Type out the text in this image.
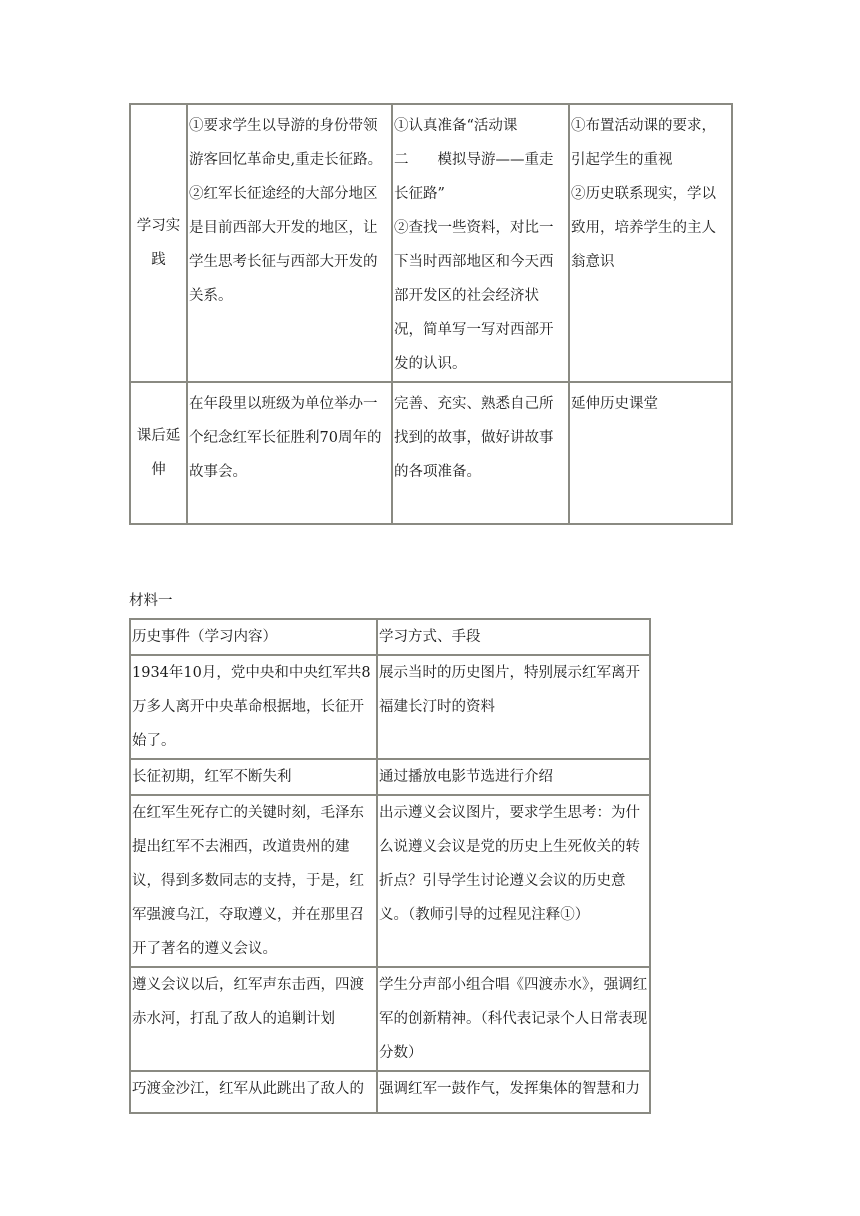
学习实践	①要求学生以导游的身份带领游客回忆革命史,重走长征路。
②红军长征途经的大部分地区是目前西部大开发的地区，让学生思考长征与西部大开发的关系。	①认真准备“活动课
二　　模拟导游——重走长征路”
②查找一些资料，对比一下当时西部地区和今天西部开发区的社会经济状况，简单写一写对西部开发的认识。	①布置活动课的要求，引起学生的重视
②历史联系现实，学以致用，培养学生的主人翁意识

课后延伸	在年段里以班级为单位举办一个纪念红军长征胜利70周年的故事会。	完善、充实、熟悉自己所找到的故事，做好讲故事的各项准备。	延伸历史课堂
材料一
历史事件（学习内容）	学习方式、手段
1934年10月，党中央和中央红军共8万多人离开中央革命根据地，长征开始了。	展示当时的历史图片，特别展示红军离开福建长汀时的资料
长征初期，红军不断失利	通过播放电影节选进行介绍
在红军生死存亡的关键时刻，毛泽东提出红军不去湘西，改道贵州的建议，得到多数同志的支持，于是，红军强渡乌江，夺取遵义，并在那里召开了著名的遵义会议。	出示遵义会议图片，要求学生思考：为什么说遵义会议是党的历史上生死攸关的转折点？引导学生讨论遵义会议的历史意义。（教师引导的过程见注释①）
遵义会议以后，红军声东击西，四渡赤水河，打乱了敌人的追剿计划	学生分声部小组合唱《四渡赤水》，强调红军的创新精神。（科代表记录个人日常表现分数）
巧渡金沙江，红军从此跳出了敌人的	强调红军一鼓作气，发挥集体的智慧和力
